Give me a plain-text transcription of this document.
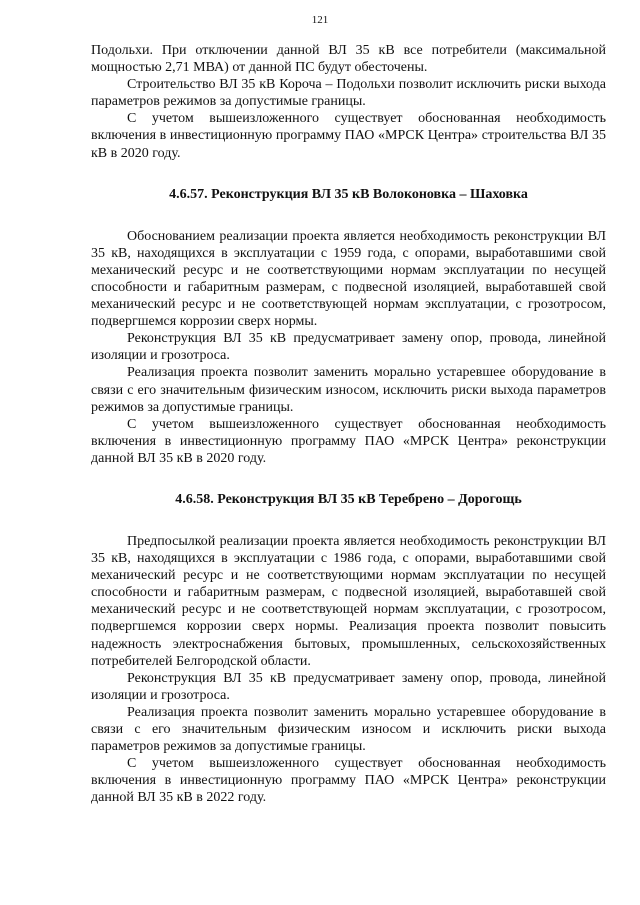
121

Подольхи. При отключении данной ВЛ 35 кВ все потребители (максимальной мощностью 2,71 МВА) от данной ПС будут обесточены.

Строительство ВЛ 35 кВ Короча – Подольхи позволит исключить риски выхода параметров режимов за допустимые границы.

С учетом вышеизложенного существует обоснованная необходимость включения в инвестиционную программу ПАО «МРСК Центра» строительства ВЛ 35 кВ в 2020 году.

4.6.57. Реконструкция ВЛ 35 кВ Волоконовка – Шаховка

Обоснованием реализации проекта является необходимость реконструкции ВЛ 35 кВ, находящихся в эксплуатации с 1959 года, с опорами, выработавшими свой механический ресурс и не соответствующими нормам эксплуатации по несущей способности и габаритным размерам, с подвесной изоляцией, выработавшей свой механический ресурс и не соответствующей нормам эксплуатации, с грозотросом, подвергшемся коррозии сверх нормы.

Реконструкция ВЛ 35 кВ предусматривает замену опор, провода, линейной изоляции и грозотроса.

Реализация проекта позволит заменить морально устаревшее оборудование в связи с его значительным физическим износом, исключить риски выхода параметров режимов за допустимые границы.

С учетом вышеизложенного существует обоснованная необходимость включения в инвестиционную программу ПАО «МРСК Центра» реконструкции данной ВЛ 35 кВ в 2020 году.

4.6.58. Реконструкция ВЛ 35 кВ Теребрено – Дорогощь

Предпосылкой реализации проекта является необходимость реконструкции ВЛ 35 кВ, находящихся в эксплуатации с 1986 года, с опорами, выработавшими свой механический ресурс и не соответствующими нормам эксплуатации по несущей способности и габаритным размерам, с подвесной изоляцией, выработавшей свой механический ресурс и не соответствующей нормам эксплуатации, с грозотросом, подвергшемся коррозии сверх нормы. Реализация проекта позволит повысить надежность электроснабжения бытовых, промышленных, сельскохозяйственных потребителей Белгородской области.

Реконструкция ВЛ 35 кВ предусматривает замену опор, провода, линейной изоляции и грозотроса.

Реализация проекта позволит заменить морально устаревшее оборудование в связи с его значительным физическим износом и исключить риски выхода параметров режимов за допустимые границы.

С учетом вышеизложенного существует обоснованная необходимость включения в инвестиционную программу ПАО «МРСК Центра» реконструкции данной ВЛ 35 кВ в 2022 году.
